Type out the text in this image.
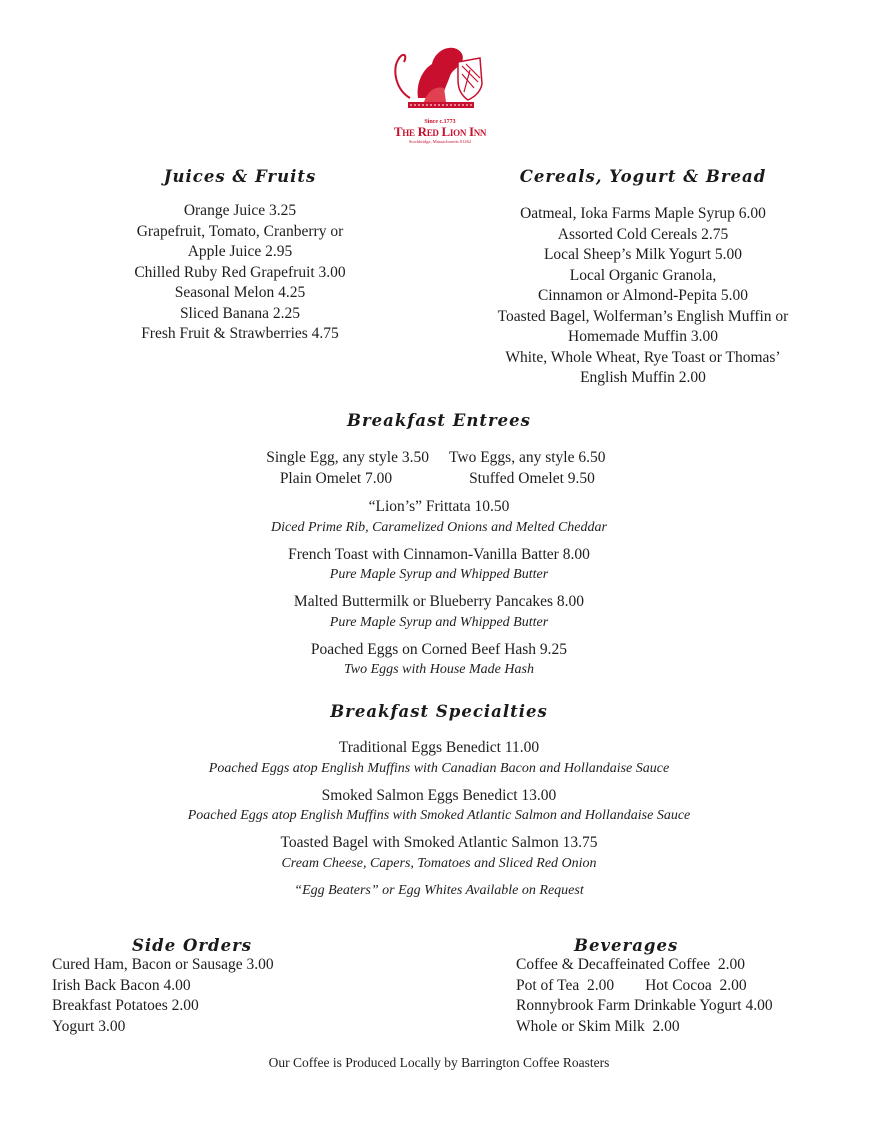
Since c.1773
The Red Lion Inn
Stockbridge, Massachusetts 01262
Juices & Fruits
Orange Juice 3.25
Grapefruit, Tomato, Cranberry or
Apple Juice 2.95
Chilled Ruby Red Grapefruit 3.00
Seasonal Melon 4.25
Sliced Banana 2.25
Fresh Fruit & Strawberries 4.75
Cereals, Yogurt & Bread
Oatmeal, Ioka Farms Maple Syrup 6.00
Assorted Cold Cereals 2.75
Local Sheep’s Milk Yogurt 5.00
Local Organic Granola,
Cinnamon or Almond-Pepita 5.00
Toasted Bagel, Wolferman’s English Muffin or
Homemade Muffin 3.00
White, Whole Wheat, Rye Toast or Thomas’
English Muffin 2.00
Breakfast Entrees
Single Egg, any style 3.50	Two Eggs, any style 6.50
Plain Omelet 7.00	Stuffed Omelet 9.50
“Lion’s” Frittata 10.50
Diced Prime Rib, Caramelized Onions and Melted Cheddar
French Toast with Cinnamon-Vanilla Batter 8.00
Pure Maple Syrup and Whipped Butter
Malted Buttermilk or Blueberry Pancakes 8.00
Pure Maple Syrup and Whipped Butter
Poached Eggs on Corned Beef Hash 9.25
Two Eggs with House Made Hash
Breakfast Specialties
Traditional Eggs Benedict 11.00
Poached Eggs atop English Muffins with Canadian Bacon and Hollandaise Sauce
Smoked Salmon Eggs Benedict 13.00
Poached Eggs atop English Muffins with Smoked Atlantic Salmon and Hollandaise Sauce
Toasted Bagel with Smoked Atlantic Salmon 13.75
Cream Cheese, Capers, Tomatoes and Sliced Red Onion
“Egg Beaters” or Egg Whites Available on Request
Side Orders
Cured Ham, Bacon or Sausage 3.00
Irish Back Bacon 4.00
Breakfast Potatoes 2.00
Yogurt 3.00
Beverages
Coffee & Decaffeinated Coffee  2.00
Pot of Tea  2.00        Hot Cocoa  2.00
Ronnybrook Farm Drinkable Yogurt 4.00
Whole or Skim Milk  2.00
Our Coffee is Produced Locally by Barrington Coffee Roasters
